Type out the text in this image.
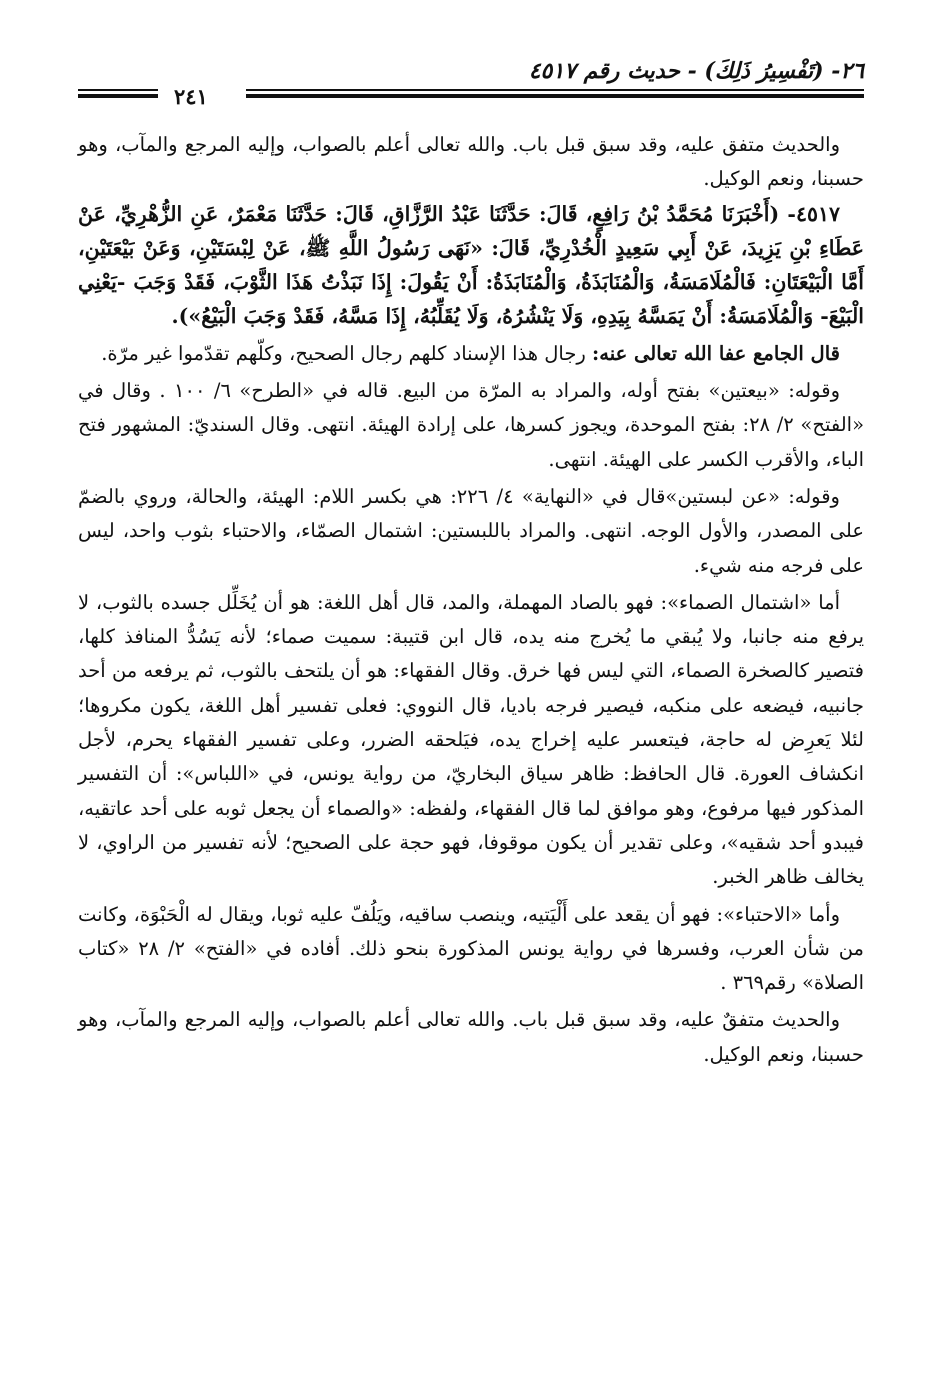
٢٦- (تَفْسِيرُ ذَلِكَ) - حديث رقم ٤٥١٧
٢٤١

والحديث متفق عليه، وقد سبق قبل باب. والله تعالى أعلم بالصواب، وإليه المرجع والمآب، وهو حسبنا، ونعم الوكيل.

٤٥١٧- (أَخْبَرَنَا مُحَمَّدُ بْنُ رَافِعٍ، قَالَ: حَدَّثَنَا عَبْدُ الرَّزَّاقِ، قَالَ: حَدَّثَنَا مَعْمَرٌ، عَنِ الزُّهْرِيِّ، عَنْ عَطَاءِ بْنِ يَزِيدَ، عَنْ أَبِي سَعِيدٍ الْخُدْرِيِّ، قَالَ: «نَهَى رَسُولُ اللَّهِ ﷺ، عَنْ لِبْسَتَيْنِ، وَعَنْ بَيْعَتَيْنِ، أَمَّا الْبَيْعَتَانِ: فَالْمُلَامَسَةُ، وَالْمُنَابَذَةُ، وَالْمُنَابَذَةُ: أَنْ يَقُولَ: إِذَا نَبَذْتُ هَذَا الثَّوْبَ، فَقَدْ وَجَبَ -يَعْنِي الْبَيْعَ- وَالْمُلَامَسَةُ: أَنْ يَمَسَّهُ بِيَدِهِ، وَلَا يَنْشُرُهُ، وَلَا يُقَلِّبُهُ، إِذَا مَسَّهُ، فَقَدْ وَجَبَ الْبَيْعُ»).

قال الجامع عفا الله تعالى عنه: رجال هذا الإسناد كلهم رجال الصحيح، وكلّهم تقدّموا غير مرّة.

وقوله: «بيعتين» بفتح أوله، والمراد به المرّة من البيع. قاله في «الطرح» ٦/ ١٠٠ . وقال في «الفتح» ٢/ ٢٨: بفتح الموحدة، ويجوز كسرها، على إرادة الهيئة. انتهى. وقال السنديّ: المشهور فتح الباء، والأقرب الكسر على الهيئة. انتهى.

وقوله: «عن لبستين»قال في «النهاية» ٤/ ٢٢٦: هي بكسر اللام: الهيئة، والحالة، وروي بالضمّ على المصدر، والأول الوجه. انتهى. والمراد باللبستين: اشتمال الصمّاء، والاحتباء بثوب واحد، ليس على فرجه منه شيء.

أما «اشتمال الصماء»: فهو بالصاد المهملة، والمد، قال أهل اللغة: هو أن يُخَلِّل جسده بالثوب، لا يرفع منه جانبا، ولا يُبقي ما يُخرج منه يده، قال ابن قتيبة: سميت صماء؛ لأنه يَسُدُّ المنافذ كلها، فتصير كالصخرة الصماء، التي ليس فها خرق. وقال الفقهاء: هو أن يلتحف بالثوب، ثم يرفعه من أحد جانبيه، فيضعه على منكبه، فيصير فرجه باديا، قال النووي: فعلى تفسير أهل اللغة، يكون مكروها؛ لئلا يَعرِض له حاجة، فيتعسر عليه إخراج يده، فيَلحقه الضرر، وعلى تفسير الفقهاء يحرم، لأجل انكشاف العورة. قال الحافظ: ظاهر سياق البخاريّ، من رواية يونس، في «اللباس»: أن التفسير المذكور فيها مرفوع، وهو موافق لما قال الفقهاء، ولفظه: «والصماء أن يجعل ثوبه على أحد عاتقيه، فيبدو أحد شقيه»، وعلى تقدير أن يكون موقوفا، فهو حجة على الصحيح؛ لأنه تفسير من الراوي، لا يخالف ظاهر الخبر.

وأما «الاحتباء»: فهو أن يقعد على أَلْيَتيه، وينصب ساقيه، ويَلُفّ عليه ثوبا، ويقال له الْحَبْوَة، وكانت من شأن العرب، وفسرها في رواية يونس المذكورة بنحو ذلك. أفاده في «الفتح» ٢/ ٢٨ «كتاب الصلاة» رقم٣٦٩ .

والحديث متفقٌ عليه، وقد سبق قبل باب. والله تعالى أعلم بالصواب، وإليه المرجع والمآب، وهو حسبنا، ونعم الوكيل.
